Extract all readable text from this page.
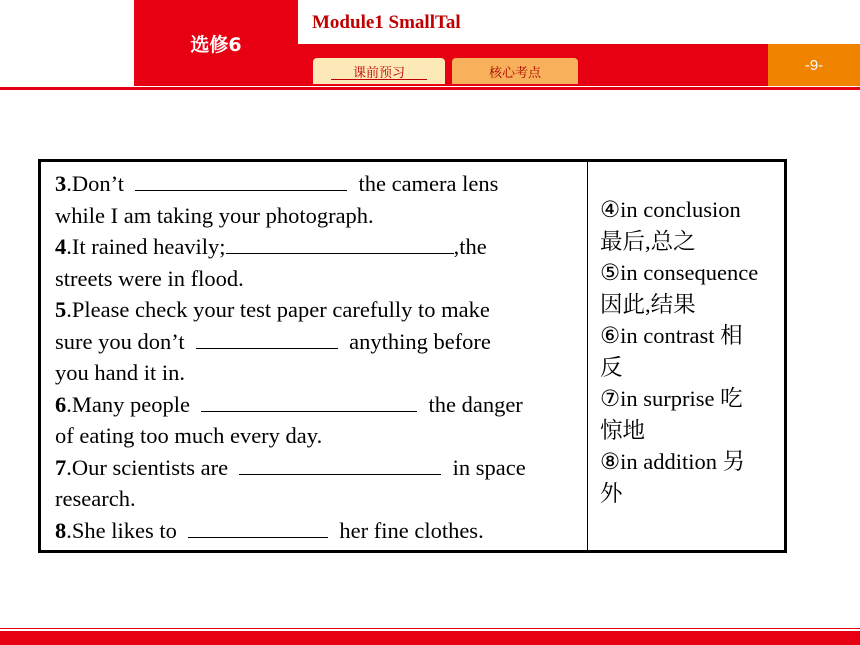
选修6
Module1 SmallTal
-9-
课前预习	核心考点
3.Don’t	the camera lens
while I am taking your photograph.
4.It rained heavily;	,the
streets were in flood.
5.Please check your test paper carefully to make
sure you don’t	anything before
you hand it in.
6.Many people	the danger
of eating too much every day.
7.Our scientists are	in space
research.
8.She likes to	her fine clothes.

④in conclusion
最后,总之
⑤in consequence
因此,结果
⑥in contrast 相
反
⑦in surprise 吃
惊地
⑧in addition 另
外
